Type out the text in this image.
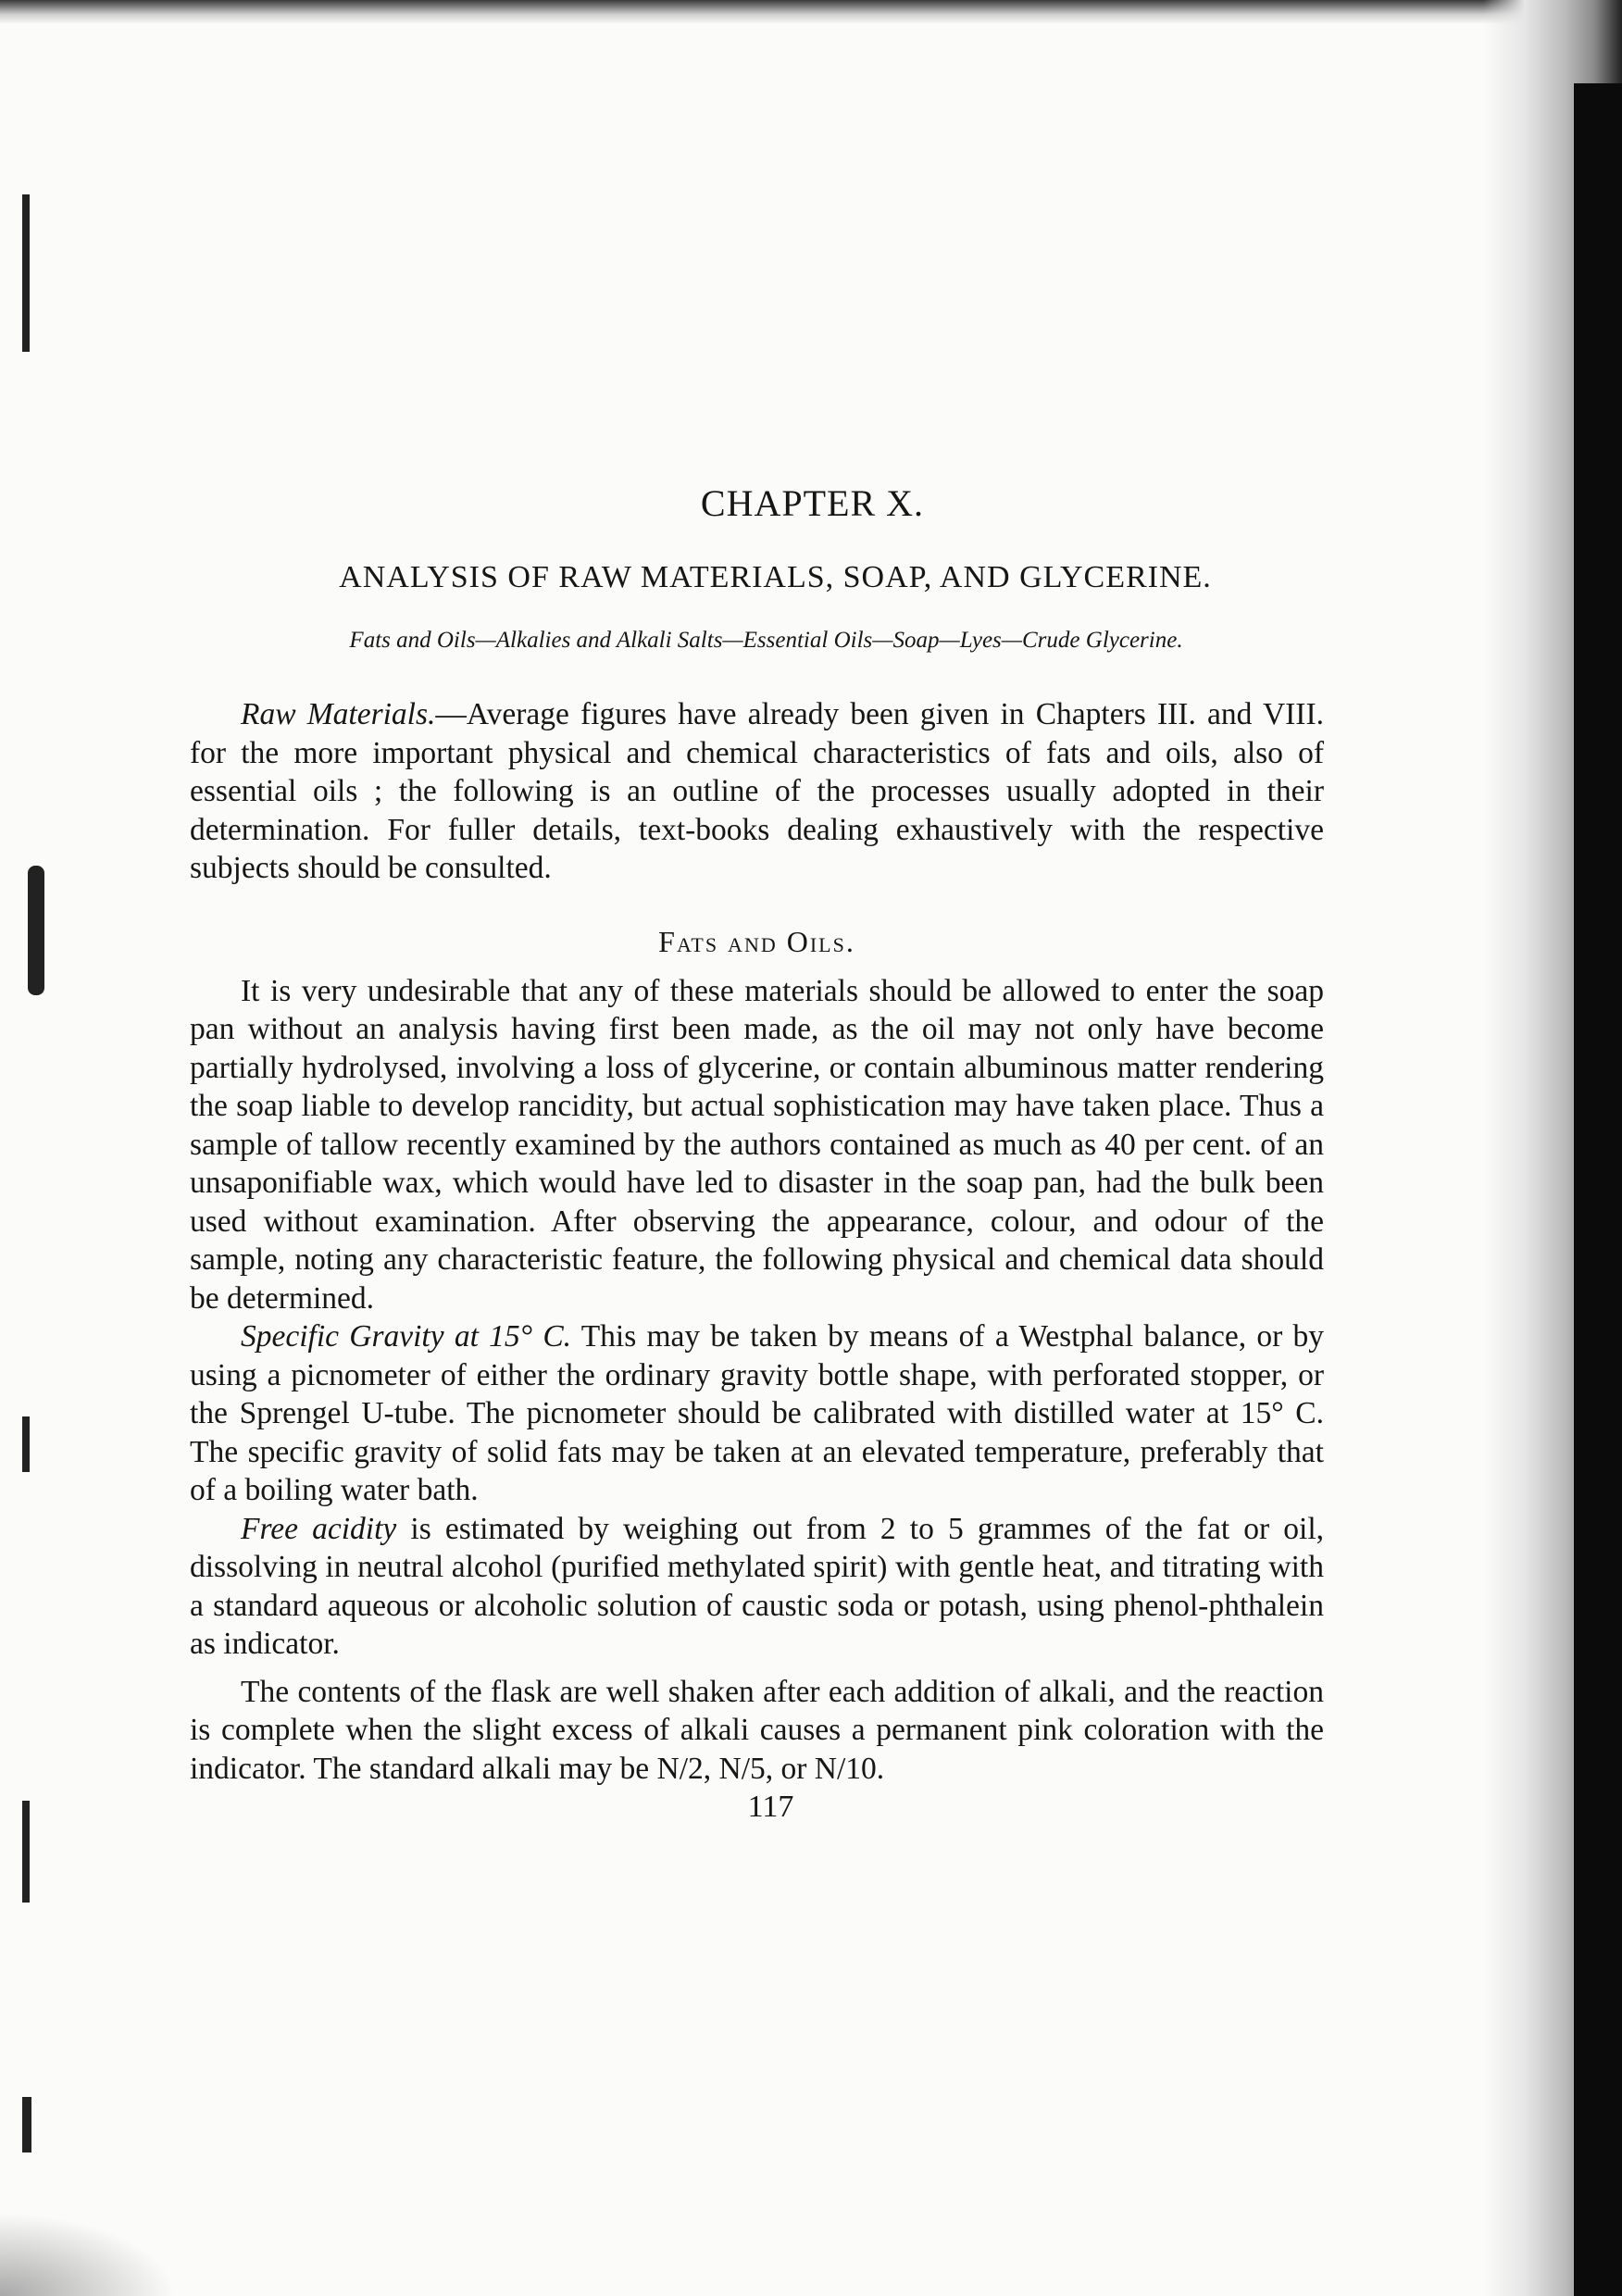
CHAPTER X.
ANALYSIS OF RAW MATERIALS, SOAP, AND GLYCERINE.
Fats and Oils—Alkalies and Alkali Salts—Essential Oils—Soap—Lyes—Crude Glycerine.

Raw Materials.—Average figures have already been given in Chapters III. and VIII. for the more important physical and chemical characteristics of fats and oils, also of essential oils ; the following is an outline of the processes usually adopted in their determination. For fuller details, text-books dealing exhaustively with the respective subjects should be consulted.

Fats and Oils.

It is very undesirable that any of these materials should be allowed to enter the soap pan without an analysis having first been made, as the oil may not only have become partially hydrolysed, involving a loss of glycerine, or contain albuminous matter rendering the soap liable to develop rancidity, but actual sophistication may have taken place. Thus a sample of tallow recently examined by the authors contained as much as 40 per cent. of an unsaponifiable wax, which would have led to disaster in the soap pan, had the bulk been used without examination. After observing the appearance, colour, and odour of the sample, noting any characteristic feature, the following physical and chemical data should be determined.

Specific Gravity at 15° C. This may be taken by means of a Westphal balance, or by using a picnometer of either the ordinary gravity bottle shape, with perforated stopper, or the Sprengel U-tube. The picnometer should be calibrated with distilled water at 15° C. The specific gravity of solid fats may be taken at an elevated temperature, preferably that of a boiling water bath.

Free acidity is estimated by weighing out from 2 to 5 grammes of the fat or oil, dissolving in neutral alcohol (purified methylated spirit) with gentle heat, and titrating with a standard aqueous or alcoholic solution of caustic soda or potash, using phenol-phthalein as indicator.

The contents of the flask are well shaken after each addition of alkali, and the reaction is complete when the slight excess of alkali causes a permanent pink coloration with the indicator. The standard alkali may be N/2, N/5, or N/10.

117
